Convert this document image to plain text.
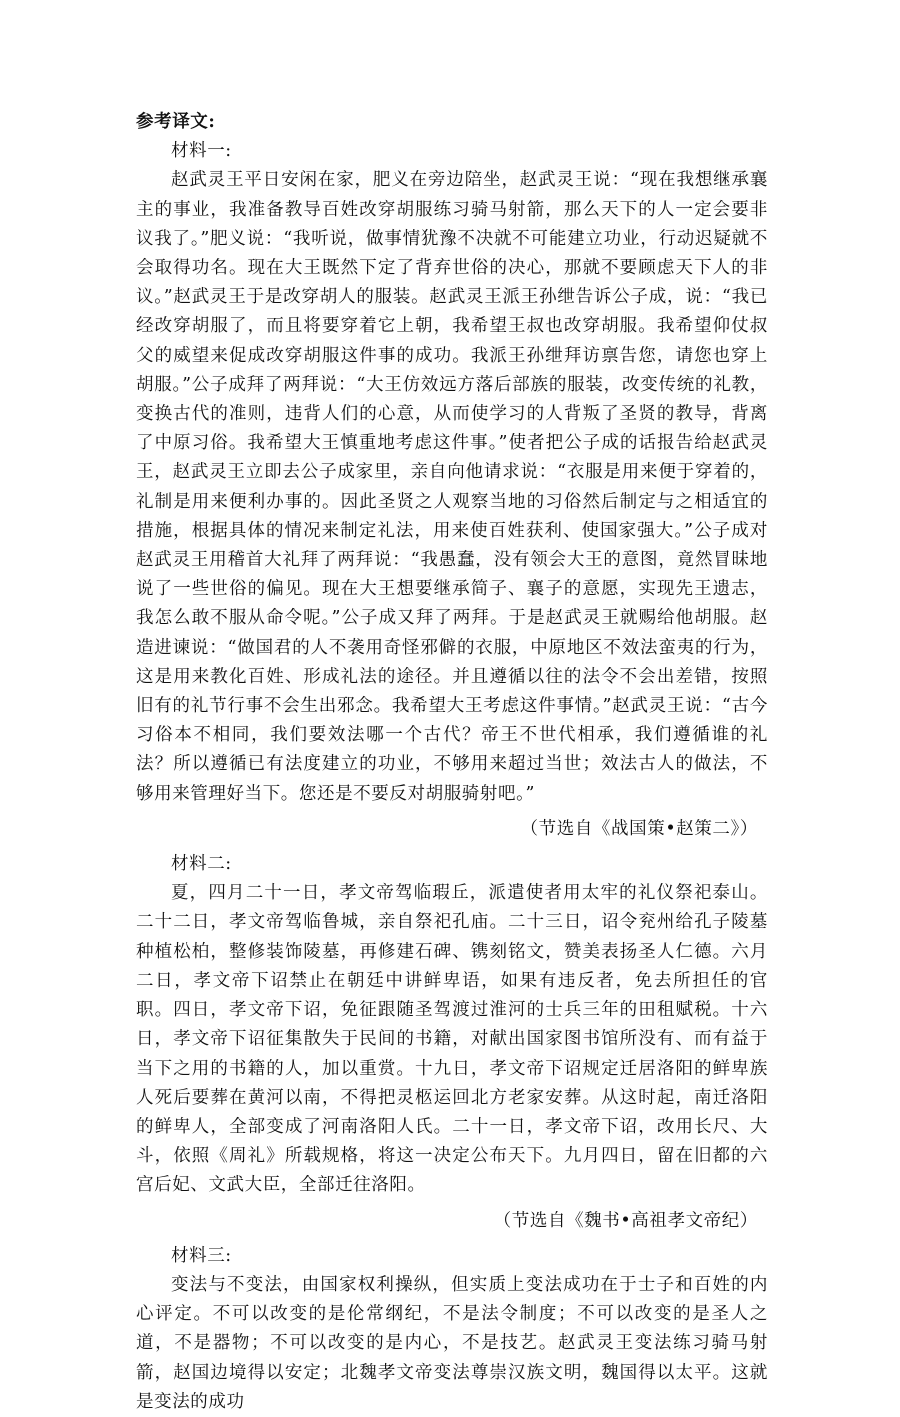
参考译文:

材料一:

赵武灵王平日安闲在家，肥义在旁边陪坐，赵武灵王说：“现在我想继承襄主的事业，我准备教导百姓改穿胡服练习骑马射箭，那么天下的人一定会要非议我了。”肥义说：“我听说，做事情犹豫不决就不可能建立功业，行动迟疑就不会取得功名。现在大王既然下定了背弃世俗的决心，那就不要顾虑天下人的非议。”赵武灵王于是改穿胡人的服装。赵武灵王派王孙绁告诉公子成，说：“我已经改穿胡服了，而且将要穿着它上朝，我希望王叔也改穿胡服。我希望仰仗叔父的威望来促成改穿胡服这件事的成功。我派王孙绁拜访禀告您，请您也穿上胡服。”公子成拜了两拜说：“大王仿效远方落后部族的服装，改变传统的礼教，变换古代的准则，违背人们的心意，从而使学习的人背叛了圣贤的教导，背离了中原习俗。我希望大王慎重地考虑这件事。”使者把公子成的话报告给赵武灵王，赵武灵王立即去公子成家里，亲自向他请求说：“衣服是用来便于穿着的，礼制是用来便利办事的。因此圣贤之人观察当地的习俗然后制定与之相适宜的措施，根据具体的情况来制定礼法，用来使百姓获利、使国家强大。”公子成对赵武灵王用稽首大礼拜了两拜说：“我愚蠢，没有领会大王的意图，竟然冒昧地说了一些世俗的偏见。现在大王想要继承简子、襄子的意愿，实现先王遗志，我怎么敢不服从命令呢。”公子成又拜了两拜。于是赵武灵王就赐给他胡服。赵造进谏说：“做国君的人不袭用奇怪邪僻的衣服，中原地区不效法蛮夷的行为，这是用来教化百姓、形成礼法的途径。并且遵循以往的法令不会出差错，按照旧有的礼节行事不会生出邪念。我希望大王考虑这件事情。”赵武灵王说：“古今习俗本不相同，我们要效法哪一个古代？帝王不世代相承，我们遵循谁的礼法？所以遵循已有法度建立的功业，不够用来超过当世；效法古人的做法，不够用来管理好当下。您还是不要反对胡服骑射吧。”

（节选自《战国策•赵策二》）

材料二:

夏，四月二十一日，孝文帝驾临瑕丘，派遣使者用太牢的礼仪祭祀泰山。二十二日，孝文帝驾临鲁城，亲自祭祀孔庙。二十三日，诏令兖州给孔子陵墓种植松柏，整修装饰陵墓，再修建石碑、镌刻铭文，赞美表扬圣人仁德。六月二日，孝文帝下诏禁止在朝廷中讲鲜卑语，如果有违反者，免去所担任的官职。四日，孝文帝下诏，免征跟随圣驾渡过淮河的士兵三年的田租赋税。十六日，孝文帝下诏征集散失于民间的书籍，对献出国家图书馆所没有、而有益于当下之用的书籍的人，加以重赏。十九日，孝文帝下诏规定迁居洛阳的鲜卑族人死后要葬在黄河以南，不得把灵柩运回北方老家安葬。从这时起，南迁洛阳的鲜卑人，全部变成了河南洛阳人氏。二十一日，孝文帝下诏，改用长尺、大斗，依照《周礼》所载规格，将这一决定公布天下。九月四日，留在旧都的六宫后妃、文武大臣，全部迁往洛阳。

（节选自《魏书•高祖孝文帝纪）

材料三:

变法与不变法，由国家权利操纵，但实质上变法成功在于士子和百姓的内心评定。不可以改变的是伦常纲纪，不是法令制度；不可以改变的是圣人之道，不是器物；不可以改变的是内心，不是技艺。赵武灵王变法练习骑马射箭，赵国边境得以安定；北魏孝文帝变法尊崇汉族文明，魏国得以太平。这就是变法的成功
